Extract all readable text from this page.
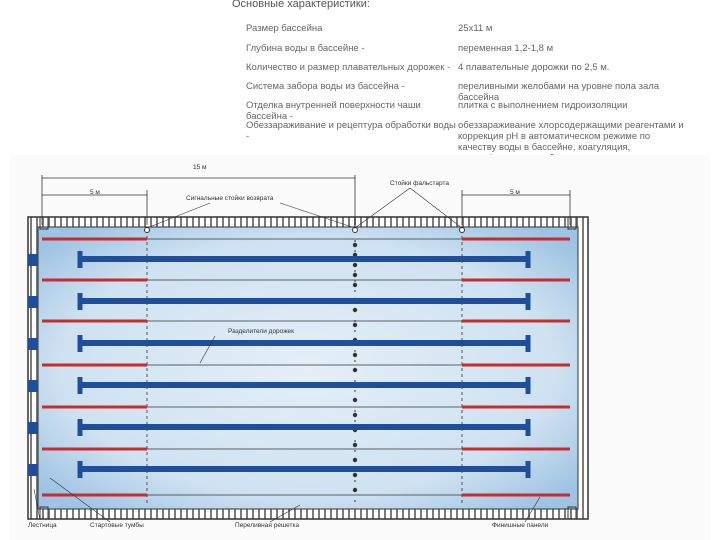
Основные характеристики:
Размер бассейна	25х11 м
Глубина воды в бассейне -	переменная 1,2-1,8 м
Количество и размер плавательных дорожек - 4 плавательные дорожки по 2,5 м.
Система забора воды из бассейна -	переливными желобами на уровне пола зала бассейна
Отделка внутренней поверхности чаши бассейна -
плитка с выполнением гидроизоляции
Обеззараживание и рецептура обработки воды -
обеззараживание хлорсодержащими реагентами и коррекция pH в автоматическом режиме по качеству воды в бассейне, коагуляция,
15 м
5 м	5 м
Сигнальные стойки возврата
Стойки фальстарта
Разделители дорожек
Лестница	Стартовые тумбы	Переливная решетка	Финишные панели
